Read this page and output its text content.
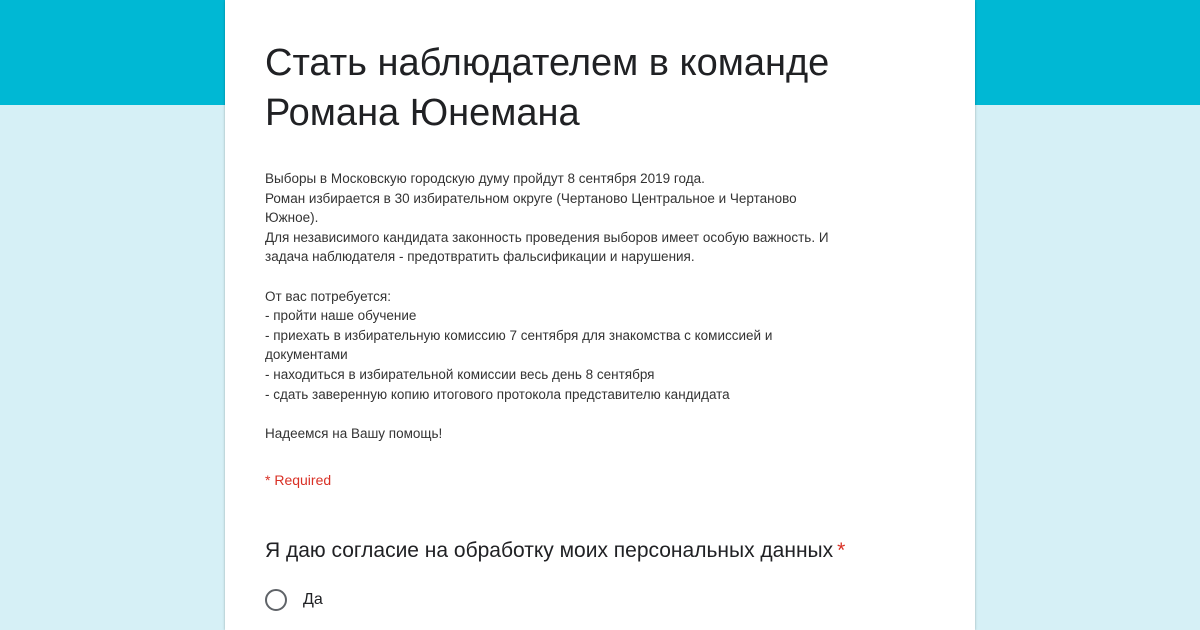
Стать наблюдателем в команде Романа Юнемана
Выборы в Московскую городскую думу пройдут 8 сентября 2019 года.
Роман избирается в 30 избирательном округе (Чертаново Центральное и Чертаново
Южное).
Для независимого кандидата законность проведения выборов имеет особую важность. И
задача наблюдателя - предотвратить фальсификации и нарушения.
От вас потребуется:
- пройти наше обучение
- приехать в избирательную комиссию 7 сентября для знакомства с комиссией и
документами
- находиться в избирательной комиссии весь день 8 сентября
- сдать заверенную копию итогового протокола представителю кандидата
Надеемся на Вашу помощь!
* Required
Я даю согласие на обработку моих персональных данных *
Да
